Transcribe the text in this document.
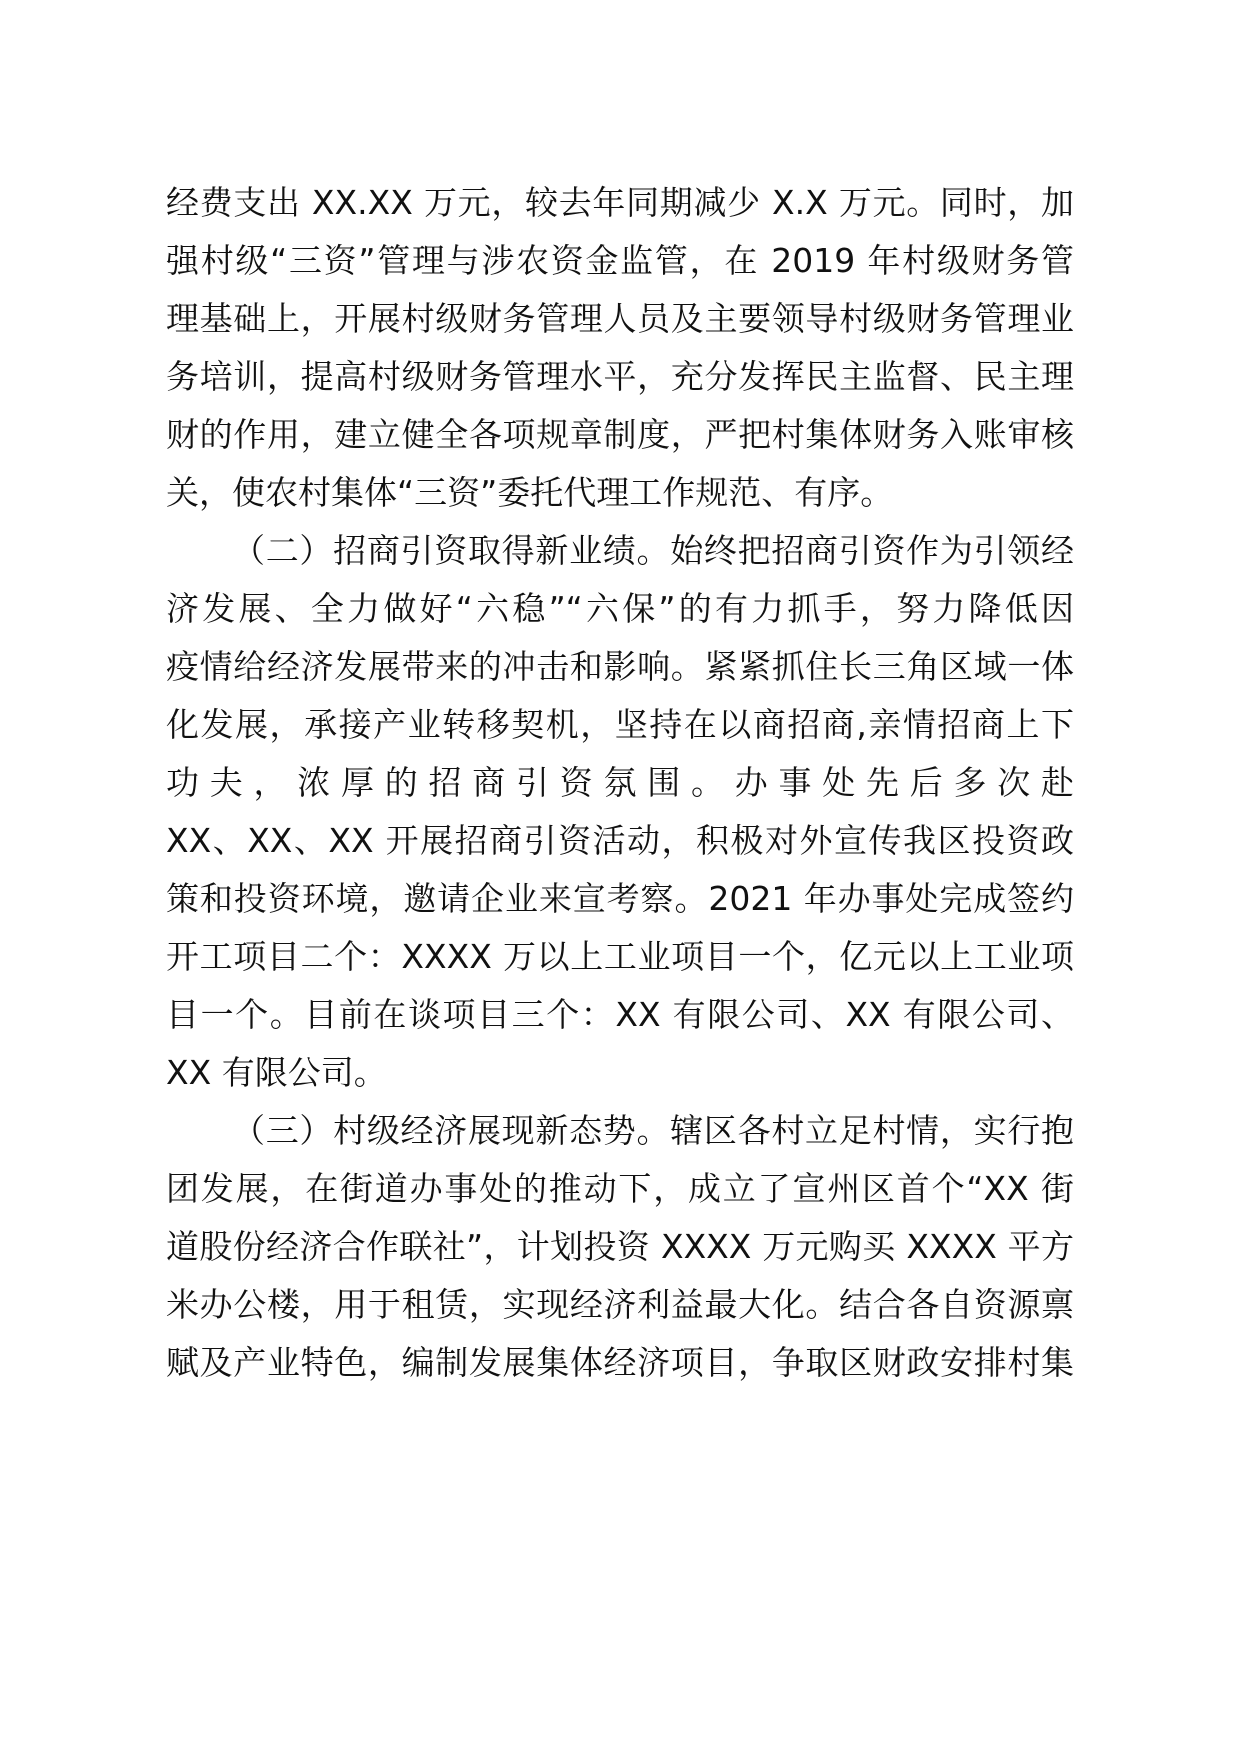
经费支出 XX.XX 万元，较去年同期减少 X.X 万元。同时，加

强村级“三资”管理与涉农资金监管，在 2019 年村级财务管

理基础上，开展村级财务管理人员及主要领导村级财务管理业

务培训，提高村级财务管理水平，充分发挥民主监督、民主理

财的作用，建立健全各项规章制度，严把村集体财务入账审核

关，使农村集体“三资”委托代理工作规范、有序。

（二）招商引资取得新业绩。始终把招商引资作为引领经

济发展、全力做好“六稳”“六保”的有力抓手，努力降低因

疫情给经济发展带来的冲击和影响。紧紧抓住长三角区域一体

化发展，承接产业转移契机，坚持在以商招商,亲情招商上下

功夫，浓厚的招商引资氛围。办事处先后多次赴

XX、XX、XX 开展招商引资活动，积极对外宣传我区投资政

策和投资环境，邀请企业来宣考察。2021 年办事处完成签约

开工项目二个：XXXX 万以上工业项目一个，亿元以上工业项

目一个。目前在谈项目三个：XX 有限公司、XX 有限公司、

XX 有限公司。

（三）村级经济展现新态势。辖区各村立足村情，实行抱

团发展，在街道办事处的推动下，成立了宣州区首个“XX 街

道股份经济合作联社”，计划投资 XXXX 万元购买 XXXX 平方

米办公楼，用于租赁，实现经济利益最大化。结合各自资源禀

赋及产业特色，编制发展集体经济项目，争取区财政安排村集
